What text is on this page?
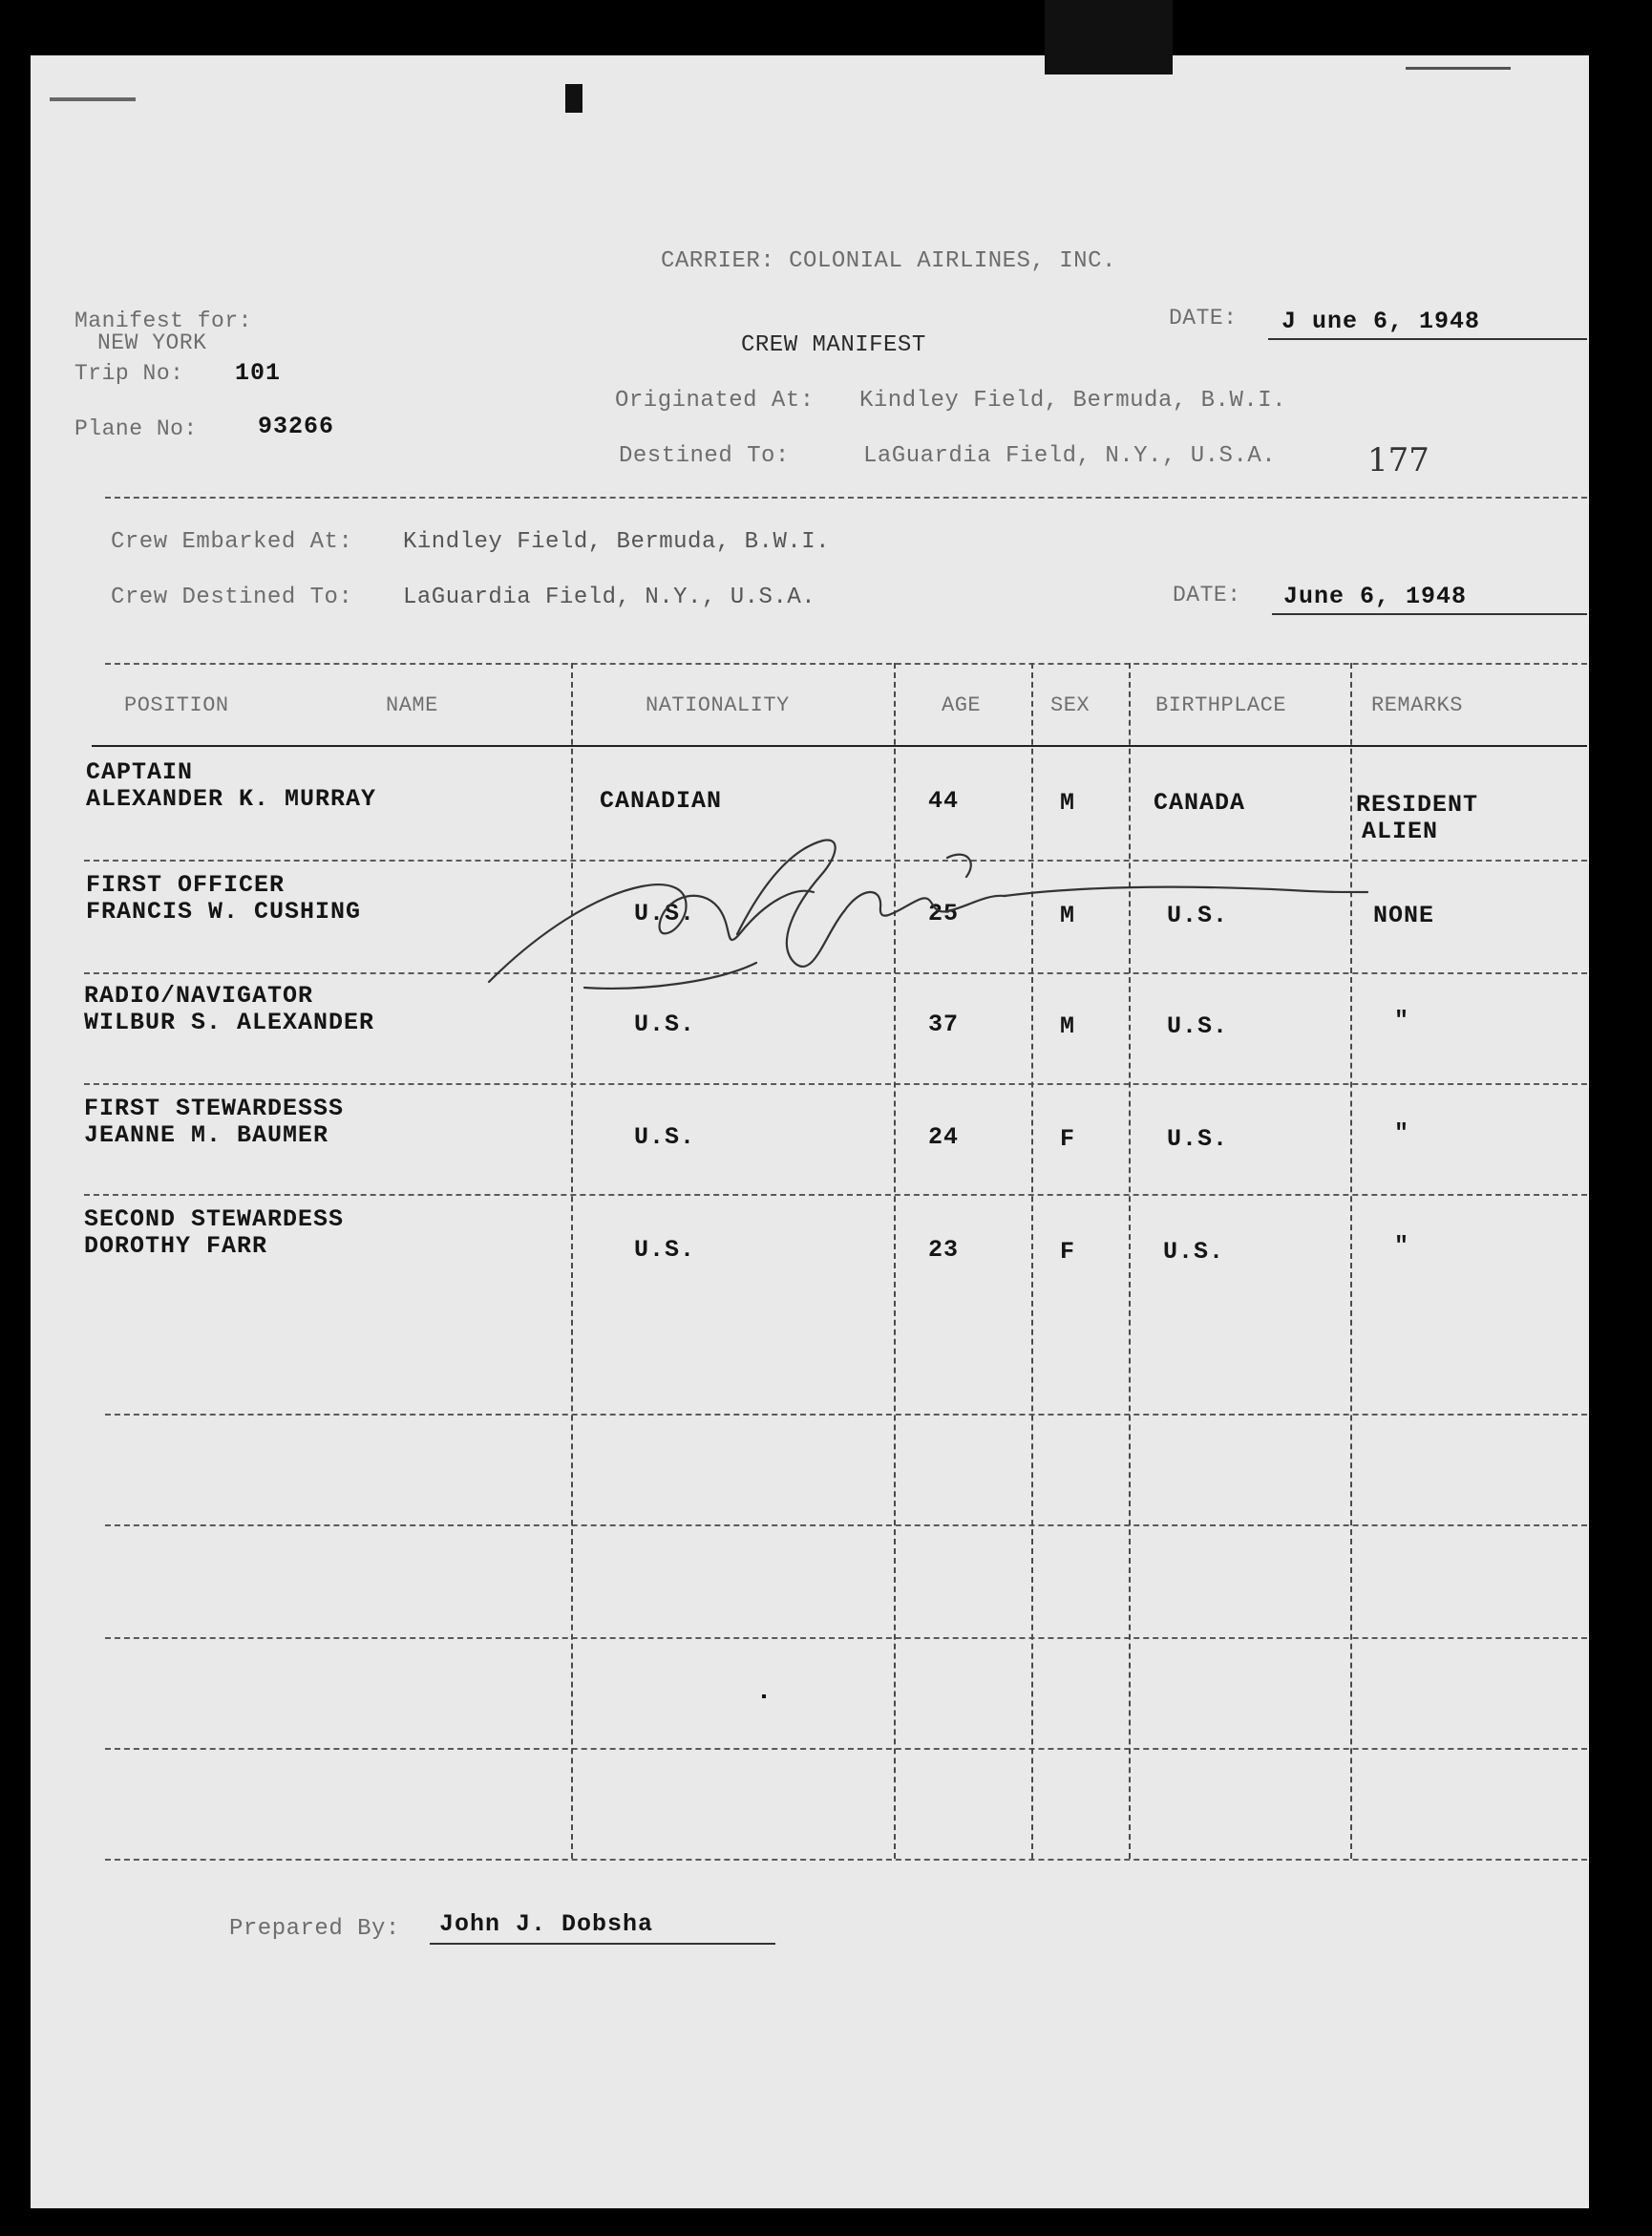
CARRIER: COLONIAL AIRLINES, INC.
Manifest for:
NEW YORK
Trip No: 101
Plane No:	93266
DATE: J une 6, 1948
CREW MANIFEST
Originated At: Kindley Field, Bermuda, B.W.I.
Destined To:	LaGuardia Field, N.Y., U.S.A.	177
Crew Embarked At: Kindley Field, Bermuda, B.W.I.
Crew Destined To: LaGuardia Field, N.Y., U.S.A.	DATE: June 6, 1948
POSITION	NAME	NATIONALITY	AGE	SEX	BIRTHPLACE	REMARKS
CAPTAIN
ALEXANDER K. MURRAY	CANADIAN	44	M	CANADA	RESIDENT
ALIEN
FIRST OFFICER
FRANCIS W. CUSHING	U.S.	25	M	U.S.	NONE
RADIO/NAVIGATOR
WILBUR S. ALEXANDER	U.S.	37	M	U.S.	"
FIRST STEWARDESSS
JEANNE M. BAUMER	U.S.	24	F	U.S.	"
SECOND STEWARDESS
DOROTHY FARR	U.S.	23	F	U.S.	"
Prepared By: John J. Dobsha
